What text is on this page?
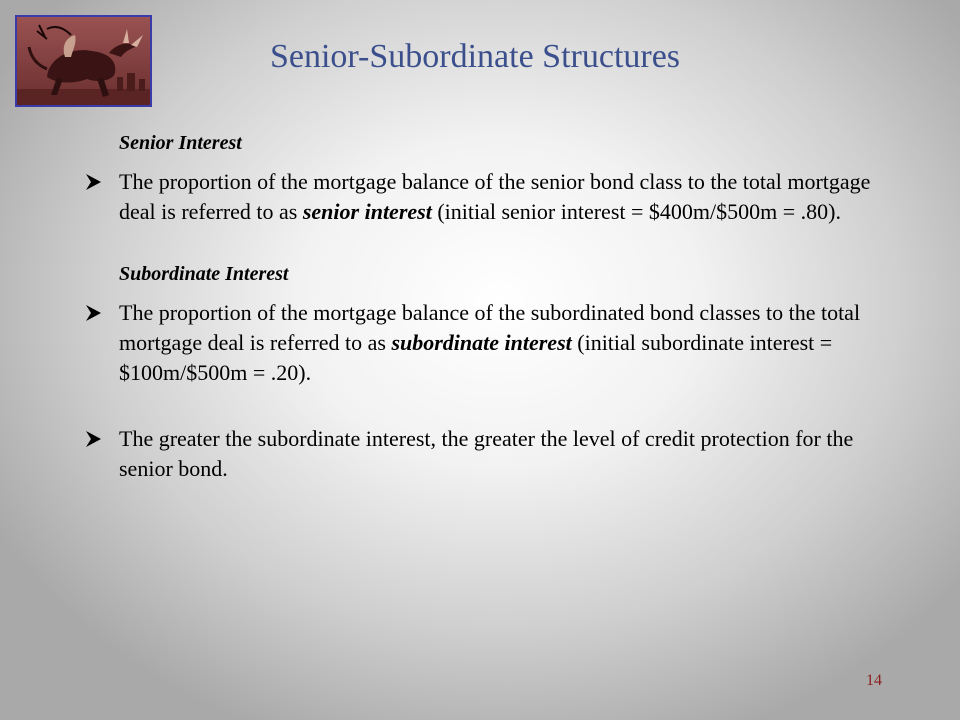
Senior-Subordinate Structures

Senior Interest

The proportion of the mortgage balance of the senior bond class to the total mortgage deal is referred to as senior interest (initial senior interest = $400m/$500m = .80).

Subordinate Interest

The proportion of the mortgage balance of the subordinated bond classes to the total mortgage deal is referred to as subordinate interest (initial subordinate interest = $100m/$500m = .20).

The greater the subordinate interest, the greater the level of credit protection for the senior bond.

14
